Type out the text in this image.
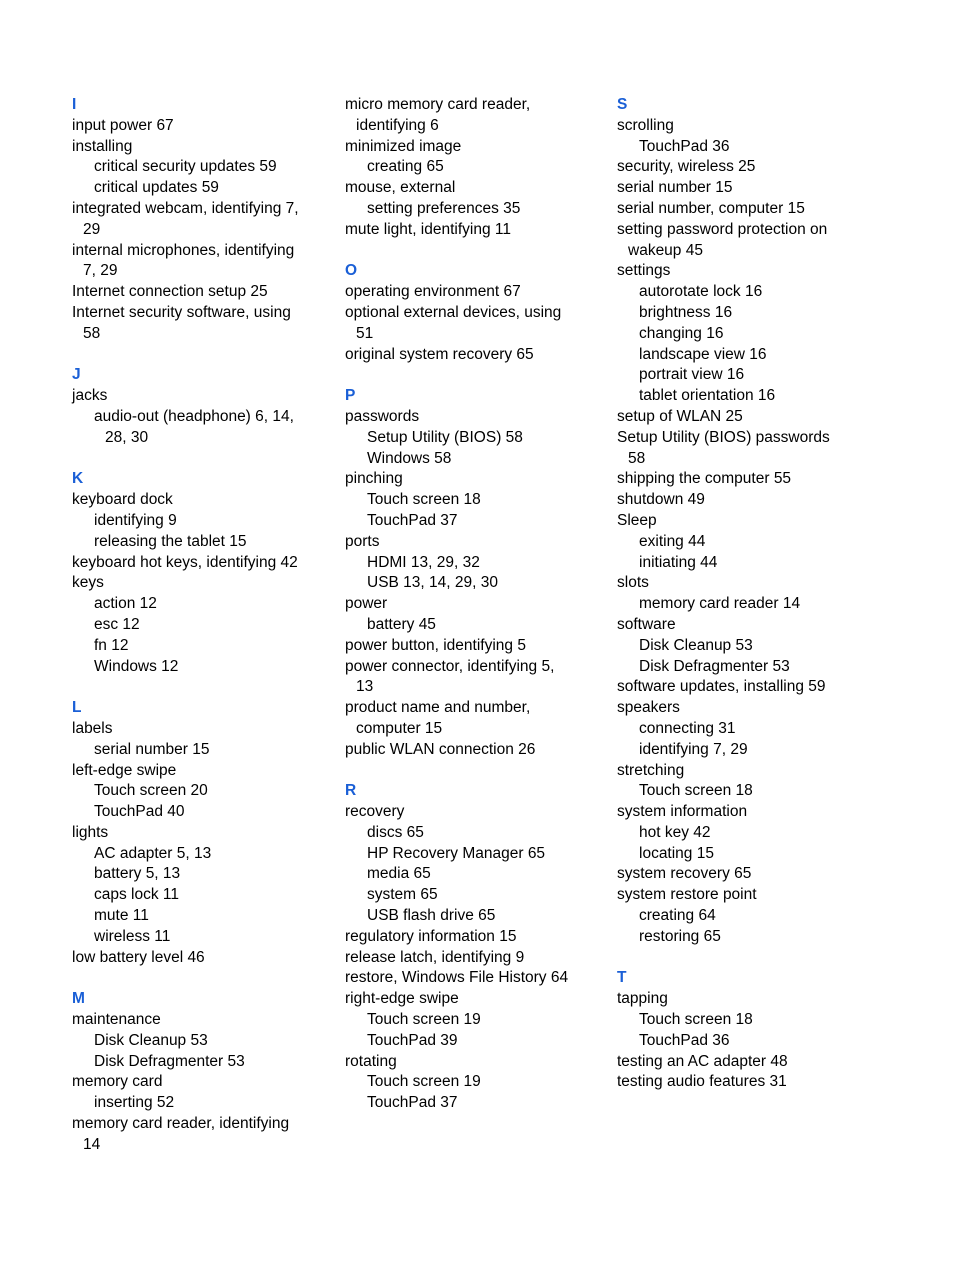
I
input power 67
installing
critical security updates 59
critical updates 59
integrated webcam, identifying 7,
29
internal microphones, identifying
7, 29
Internet connection setup 25
Internet security software, using
58
J
jacks
audio-out (headphone) 6, 14,
28, 30
K
keyboard dock
identifying 9
releasing the tablet 15
keyboard hot keys, identifying 42
keys
action 12
esc 12
fn 12
Windows 12
L
labels
serial number 15
left-edge swipe
Touch screen 20
TouchPad 40
lights
AC adapter 5, 13
battery 5, 13
caps lock 11
mute 11
wireless 11
low battery level 46
M
maintenance
Disk Cleanup 53
Disk Defragmenter 53
memory card
inserting 52
memory card reader, identifying
14
micro memory card reader,
identifying 6
minimized image
creating 65
mouse, external
setting preferences 35
mute light, identifying 11
O
operating environment 67
optional external devices, using
51
original system recovery 65
P
passwords
Setup Utility (BIOS) 58
Windows 58
pinching
Touch screen 18
TouchPad 37
ports
HDMI 13, 29, 32
USB 13, 14, 29, 30
power
battery 45
power button, identifying 5
power connector, identifying 5,
13
product name and number,
computer 15
public WLAN connection 26
R
recovery
discs 65
HP Recovery Manager 65
media 65
system 65
USB flash drive 65
regulatory information 15
release latch, identifying 9
restore, Windows File History 64
right-edge swipe
Touch screen 19
TouchPad 39
rotating
Touch screen 19
TouchPad 37
S
scrolling
TouchPad 36
security, wireless 25
serial number 15
serial number, computer 15
setting password protection on
wakeup 45
settings
autorotate lock 16
brightness 16
changing 16
landscape view 16
portrait view 16
tablet orientation 16
setup of WLAN 25
Setup Utility (BIOS) passwords
58
shipping the computer 55
shutdown 49
Sleep
exiting 44
initiating 44
slots
memory card reader 14
software
Disk Cleanup 53
Disk Defragmenter 53
software updates, installing 59
speakers
connecting 31
identifying 7, 29
stretching
Touch screen 18
system information
hot key 42
locating 15
system recovery 65
system restore point
creating 64
restoring 65
T
tapping
Touch screen 18
TouchPad 36
testing an AC adapter 48
testing audio features 31
